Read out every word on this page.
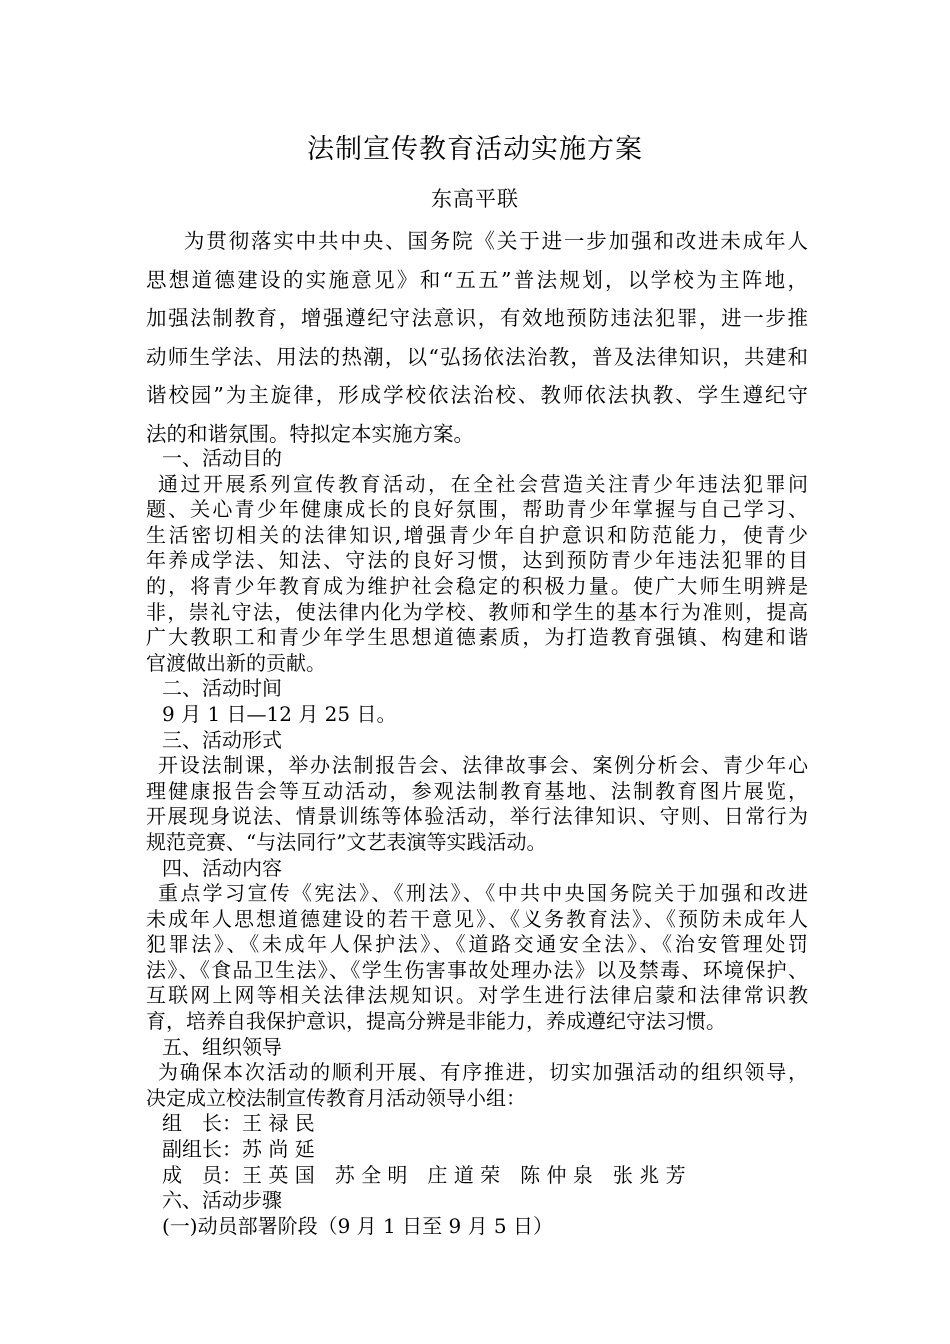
法制宣传教育活动实施方案
东高平联
为贯彻落实中共中央、国务院《关于进一步加强和改进未成年人
思想道德建设的实施意见》和“五五”普法规划，以学校为主阵地，
加强法制教育，增强遵纪守法意识，有效地预防违法犯罪，进一步推
动师生学法、用法的热潮，以“弘扬依法治教，普及法律知识，共建和
谐校园”为主旋律，形成学校依法治校、教师依法执教、学生遵纪守
法的和谐氛围。特拟定本实施方案。
一、活动目的
通过开展系列宣传教育活动，在全社会营造关注青少年违法犯罪问
题、关心青少年健康成长的良好氛围，帮助青少年掌握与自己学习、
生活密切相关的法律知识,增强青少年自护意识和防范能力，使青少
年养成学法、知法、守法的良好习惯，达到预防青少年违法犯罪的目
的，将青少年教育成为维护社会稳定的积极力量。使广大师生明辨是
非，崇礼守法，使法律内化为学校、教师和学生的基本行为准则，提高
广大教职工和青少年学生思想道德素质，为打造教育强镇、构建和谐
官渡做出新的贡献。
二、活动时间
9 月 1 日—12 月 25 日。
三、活动形式
开设法制课，举办法制报告会、法律故事会、案例分析会、青少年心
理健康报告会等互动活动，参观法制教育基地、法制教育图片展览，
开展现身说法、情景训练等体验活动，举行法律知识、守则、日常行为
规范竞赛、“与法同行”文艺表演等实践活动。
四、活动内容
重点学习宣传《宪法》、《刑法》、《中共中央国务院关于加强和改进
未成年人思想道德建设的若干意见》、《义务教育法》、《预防未成年人
犯罪法》、《未成年人保护法》、《道路交通安全法》、《治安管理处罚
法》、《食品卫生法》、《学生伤害事故处理办法》以及禁毒、环境保护、
互联网上网等相关法律法规知识。对学生进行法律启蒙和法律常识教
育，培养自我保护意识，提高分辨是非能力，养成遵纪守法习惯。
五、组织领导
为确保本次活动的顺利开展、有序推进，切实加强活动的组织领导，
决定成立校法制宣传教育月活动领导小组：
组　长：王 禄 民
副组长：苏 尚 延
成　员：王 英 国　苏 全 明　庄 道 荣　陈 仲 泉　张 兆 芳
六、活动步骤
(一)动员部署阶段（9 月 1 日至 9 月 5 日）
